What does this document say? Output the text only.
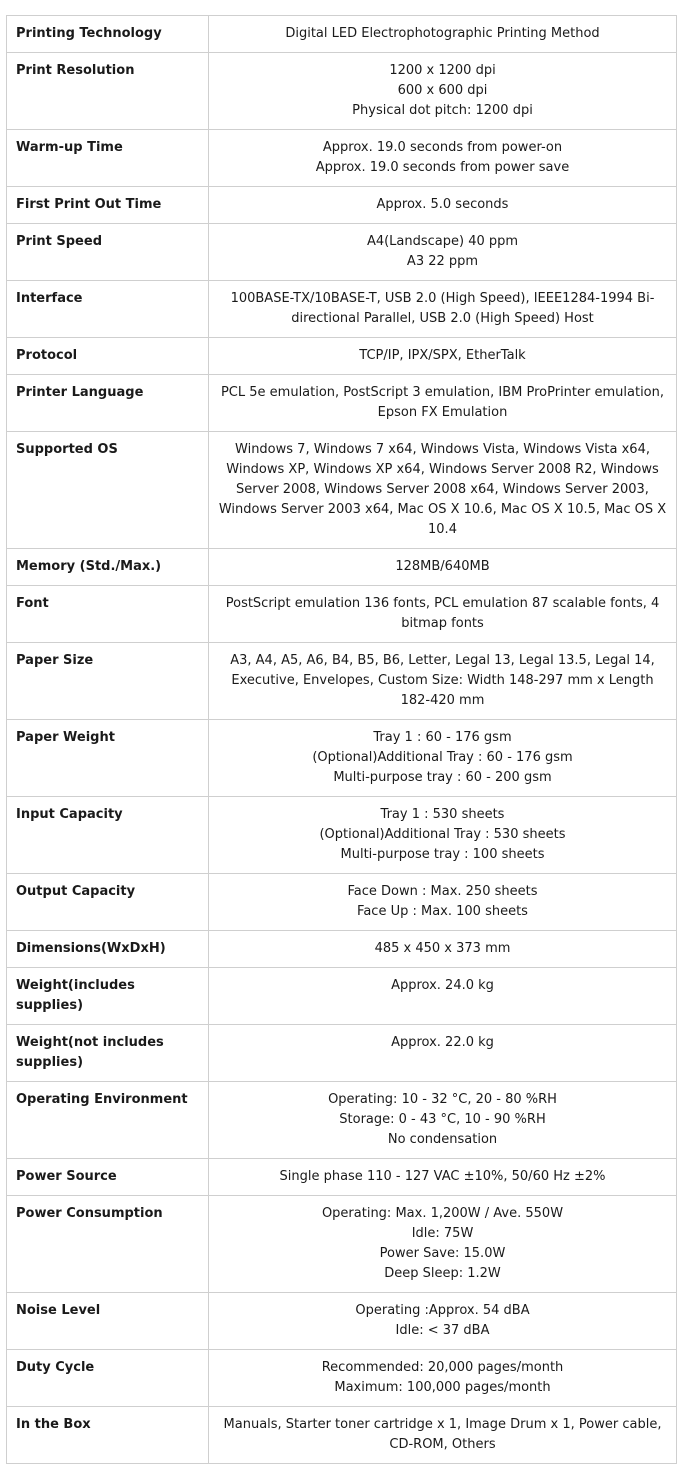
Printing Technology	Digital LED Electrophotographic Printing Method

Print Resolution	1200 x 1200 dpi
600 x 600 dpi
Physical dot pitch: 1200 dpi

Warm-up Time	Approx. 19.0 seconds from power-on
Approx. 19.0 seconds from power save

First Print Out Time	Approx. 5.0 seconds

Print Speed	A4(Landscape) 40 ppm
A3 22 ppm

Interface	100BASE-TX/10BASE-T, USB 2.0 (High Speed), IEEE1284-1994 Bi-directional Parallel, USB 2.0 (High Speed) Host

Protocol	TCP/IP, IPX/SPX, EtherTalk

Printer Language	PCL 5e emulation, PostScript 3 emulation, IBM ProPrinter emulation, Epson FX Emulation

Supported OS	Windows 7, Windows 7 x64, Windows Vista, Windows Vista x64, Windows XP, Windows XP x64, Windows Server 2008 R2, Windows Server 2008, Windows Server 2008 x64, Windows Server 2003, Windows Server 2003 x64, Mac OS X 10.6, Mac OS X 10.5, Mac OS X 10.4

Memory (Std./Max.)	128MB/640MB

Font	PostScript emulation 136 fonts, PCL emulation 87 scalable fonts, 4 bitmap fonts

Paper Size	A3, A4, A5, A6, B4, B5, B6, Letter, Legal 13, Legal 13.5, Legal 14, Executive, Envelopes, Custom Size: Width 148-297 mm x Length 182-420 mm

Paper Weight	Tray 1 : 60 - 176 gsm
(Optional)Additional Tray : 60 - 176 gsm
Multi-purpose tray : 60 - 200 gsm

Input Capacity	Tray 1 : 530 sheets
(Optional)Additional Tray : 530 sheets
Multi-purpose tray : 100 sheets

Output Capacity	Face Down : Max. 250 sheets
Face Up : Max. 100 sheets

Dimensions(WxDxH)	485 x 450 x 373 mm

Weight(includes supplies)	Approx. 24.0 kg

Weight(not includes supplies)	Approx. 22.0 kg

Operating Environment	Operating: 10 - 32 °C, 20 - 80 %RH
Storage: 0 - 43 °C, 10 - 90 %RH
No condensation

Power Source	Single phase 110 - 127 VAC ±10%, 50/60 Hz ±2%

Power Consumption	Operating: Max. 1,200W / Ave. 550W
Idle: 75W
Power Save: 15.0W
Deep Sleep: 1.2W

Noise Level	Operating :Approx. 54 dBA
Idle: < 37 dBA

Duty Cycle	Recommended: 20,000 pages/month
Maximum: 100,000 pages/month

In the Box	Manuals, Starter toner cartridge x 1, Image Drum x 1, Power cable, CD-ROM, Others
